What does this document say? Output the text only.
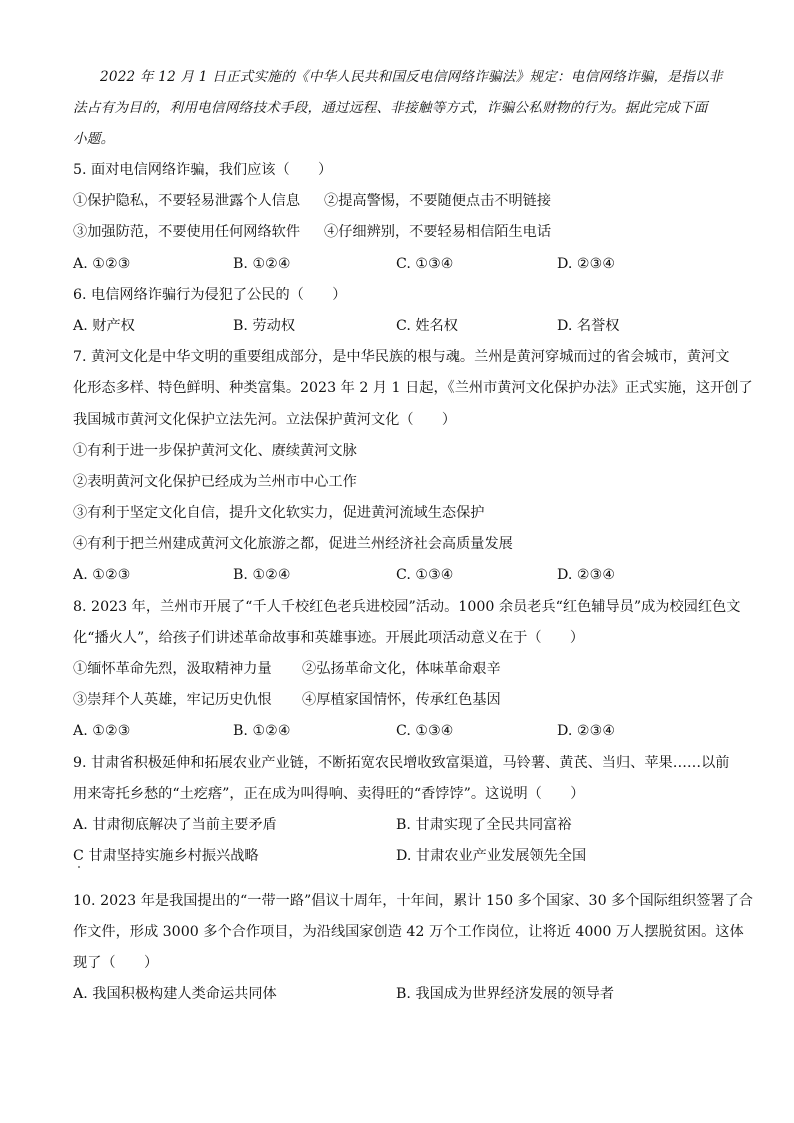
2022 年 12 月 1 日正式实施的《中华人民共和国反电信网络诈骗法》规定：电信网络诈骗，是指以非
法占有为目的，利用电信网络技术手段，通过远程、非接触等方式，诈骗公私财物的行为。据此完成下面
小题。
5. 面对电信网络诈骗，我们应该（　　）
①保护隐私，不要轻易泄露个人信息 ②提高警惕，不要随便点击不明链接
③加强防范，不要使用任何网络软件 ④仔细辨别，不要轻易相信陌生电话
A. ①②③	B. ①②④	C. ①③④	D. ②③④
6. 电信网络诈骗行为侵犯了公民的（　　）
A. 财产权	B. 劳动权	C. 姓名权	D. 名誉权
7. 黄河文化是中华文明的重要组成部分，是中华民族的根与魂。兰州是黄河穿城而过的省会城市，黄河文
化形态多样、特色鲜明、种类富集。2023 年 2 月 1 日起，《兰州市黄河文化保护办法》正式实施，这开创了
我国城市黄河文化保护立法先河。立法保护黄河文化（　　）
①有利于进一步保护黄河文化、赓续黄河文脉
②表明黄河文化保护已经成为兰州市中心工作
③有利于坚定文化自信，提升文化软实力，促进黄河流域生态保护
④有利于把兰州建成黄河文化旅游之都，促进兰州经济社会高质量发展
A. ①②③	B. ①②④	C. ①③④	D. ②③④
8. 2023 年，兰州市开展了“千人千校红色老兵进校园”活动。1000 余员老兵“红色辅导员”成为校园红色文
化“播火人”，给孩子们讲述革命故事和英雄事迹。开展此项活动意义在于（　　）
①缅怀革命先烈，汲取精神力量 ②弘扬革命文化，体味革命艰辛
③崇拜个人英雄，牢记历史仇恨 ④厚植家国情怀，传承红色基因
A. ①②③	B. ①②④	C. ①③④	D. ②③④
9. 甘肃省积极延伸和拓展农业产业链，不断拓宽农民增收致富渠道，马铃薯、黄芪、当归、苹果……以前
用来寄托乡愁的“土疙瘩”，正在成为叫得响、卖得旺的“香饽饽”。这说明（　　）
A. 甘肃彻底解决了当前主要矛盾	B. 甘肃实现了全民共同富裕
C 甘肃坚持实施乡村振兴战略	D. 甘肃农业产业发展领先全国
10. 2023 年是我国提出的“一带一路”倡议十周年，十年间，累计 150 多个国家、30 多个国际组织签署了合
作文件，形成 3000 多个合作项目，为沿线国家创造 42 万个工作岗位，让将近 4000 万人摆脱贫困。这体
现了（　　）
A. 我国积极构建人类命运共同体	B. 我国成为世界经济发展的领导者
